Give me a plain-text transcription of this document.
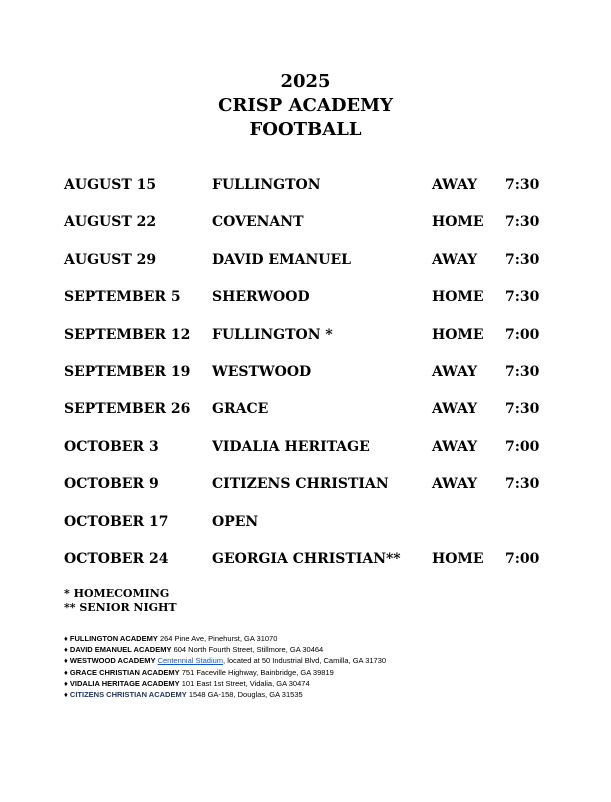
2025
CRISP ACADEMY
FOOTBALL
AUGUST 15	FULLINGTON	AWAY 7:30
AUGUST 22	COVENANT	HOME 7:30
AUGUST 29	DAVID EMANUEL	AWAY 7:30
SEPTEMBER 5 SHERWOOD	HOME 7:30
SEPTEMBER 12 FULLINGTON *	HOME 7:00
SEPTEMBER 19 WESTWOOD	AWAY 7:30
SEPTEMBER 26 GRACE	AWAY 7:30
OCTOBER 3	VIDALIA HERITAGE	AWAY 7:00
OCTOBER 9	CITIZENS CHRISTIAN	AWAY 7:30
OCTOBER 17	OPEN
OCTOBER 24	GEORGIA CHRISTIAN** HOME 7:00
* HOMECOMING
** SENIOR NIGHT
♦ FULLINGTON ACADEMY 264 Pine Ave, Pinehurst, GA 31070
♦ DAVID EMANUEL ACADEMY 604 North Fourth Street, Stillmore, GA 30464
♦ WESTWOOD ACADEMY Centennial Stadium, located at 50 Industrial Blvd, Camilla, GA 31730
♦ GRACE CHRISTIAN ACADEMY 751 Faceville Highway, Bainbridge, GA 39819
♦ VIDALIA HERITAGE ACADEMY 101 East 1st Street, Vidalia, GA 30474
♦ CITIZENS CHRISTIAN ACADEMY 1548 GA-158, Douglas, GA 31535
